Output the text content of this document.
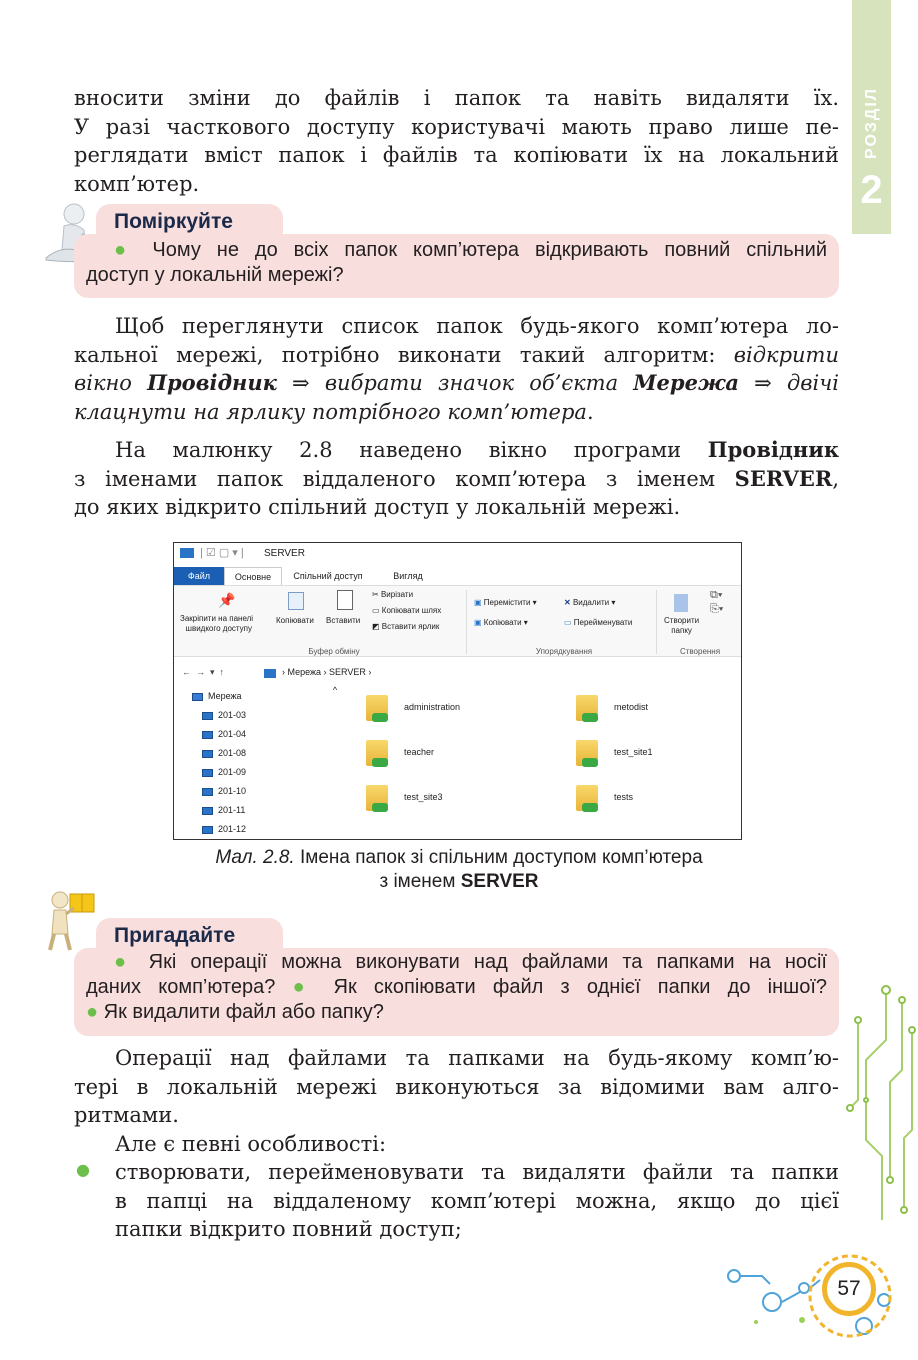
РОЗДІЛ
2
вносити зміни до файлів і папок та навіть видаляти їх.
У разі часткового доступу користувачі мають право лише пе-
реглядати вміст папок і файлів та копіювати їх на локальний
комп’ютер.
Поміркуйте
● Чому не до всіх папок комп’ютера відкривають повний спільний
доступ у локальній мережі?
Щоб переглянути список папок будь-якого комп’ютера ло-
кальної мережі, потрібно виконати такий алгоритм: відкрити
вікно Провідник ⇒ вибрати значок об’єкта Мережа ⇒ двічі
клацнути на ярлику потрібного комп’ютера.
На малюнку 2.8 наведено вікно програми Провідник
з іменами папок віддаленого комп’ютера з іменем SERVER,
до яких відкрито спільний доступ у локальній мережі.
| ☑ ▢ ▾ | SERVER
Файл	Основне	Спільний доступ	Вигляд
📌
Закріпити на панелі
швидкого доступу
Копіювати Вставити
✂ Вирізати
▭ Копіювати шлях
◩ Вставити ярлик
Буфер обміну
▣ Перемістити ▾
▣ Копіювати ▾
✕ Видалити ▾
▭ Перейменувати
Упорядкування
Створити
папку
⧉▾
⎘▾
Створення
←  →  ▾  ↑	› Мережа › SERVER ›
Мережа
201-03
201-04
201-08
201-09
201-10
201-11
201-12
^
administration	metodist
teacher	test_site1
test_site3	tests
Мал. 2.8. Імена папок зі спільним доступом комп’ютера
з іменем SERVER
Пригадайте
● Які операції можна виконувати над файлами та папками на носії
даних комп’ютера? ● Як скопіювати файл з однієї папки до іншої?
● Як видалити файл або папку?
Операції над файлами та папками на будь-якому комп’ю-
тері в локальній мережі виконуються за відомими вам алго-
ритмами.
Але є певні особливості:
● створювати, перейменовувати та видаляти файли та папки
в папці на віддаленому комп’ютері можна, якщо до цієї
папки відкрито повний доступ;
57
